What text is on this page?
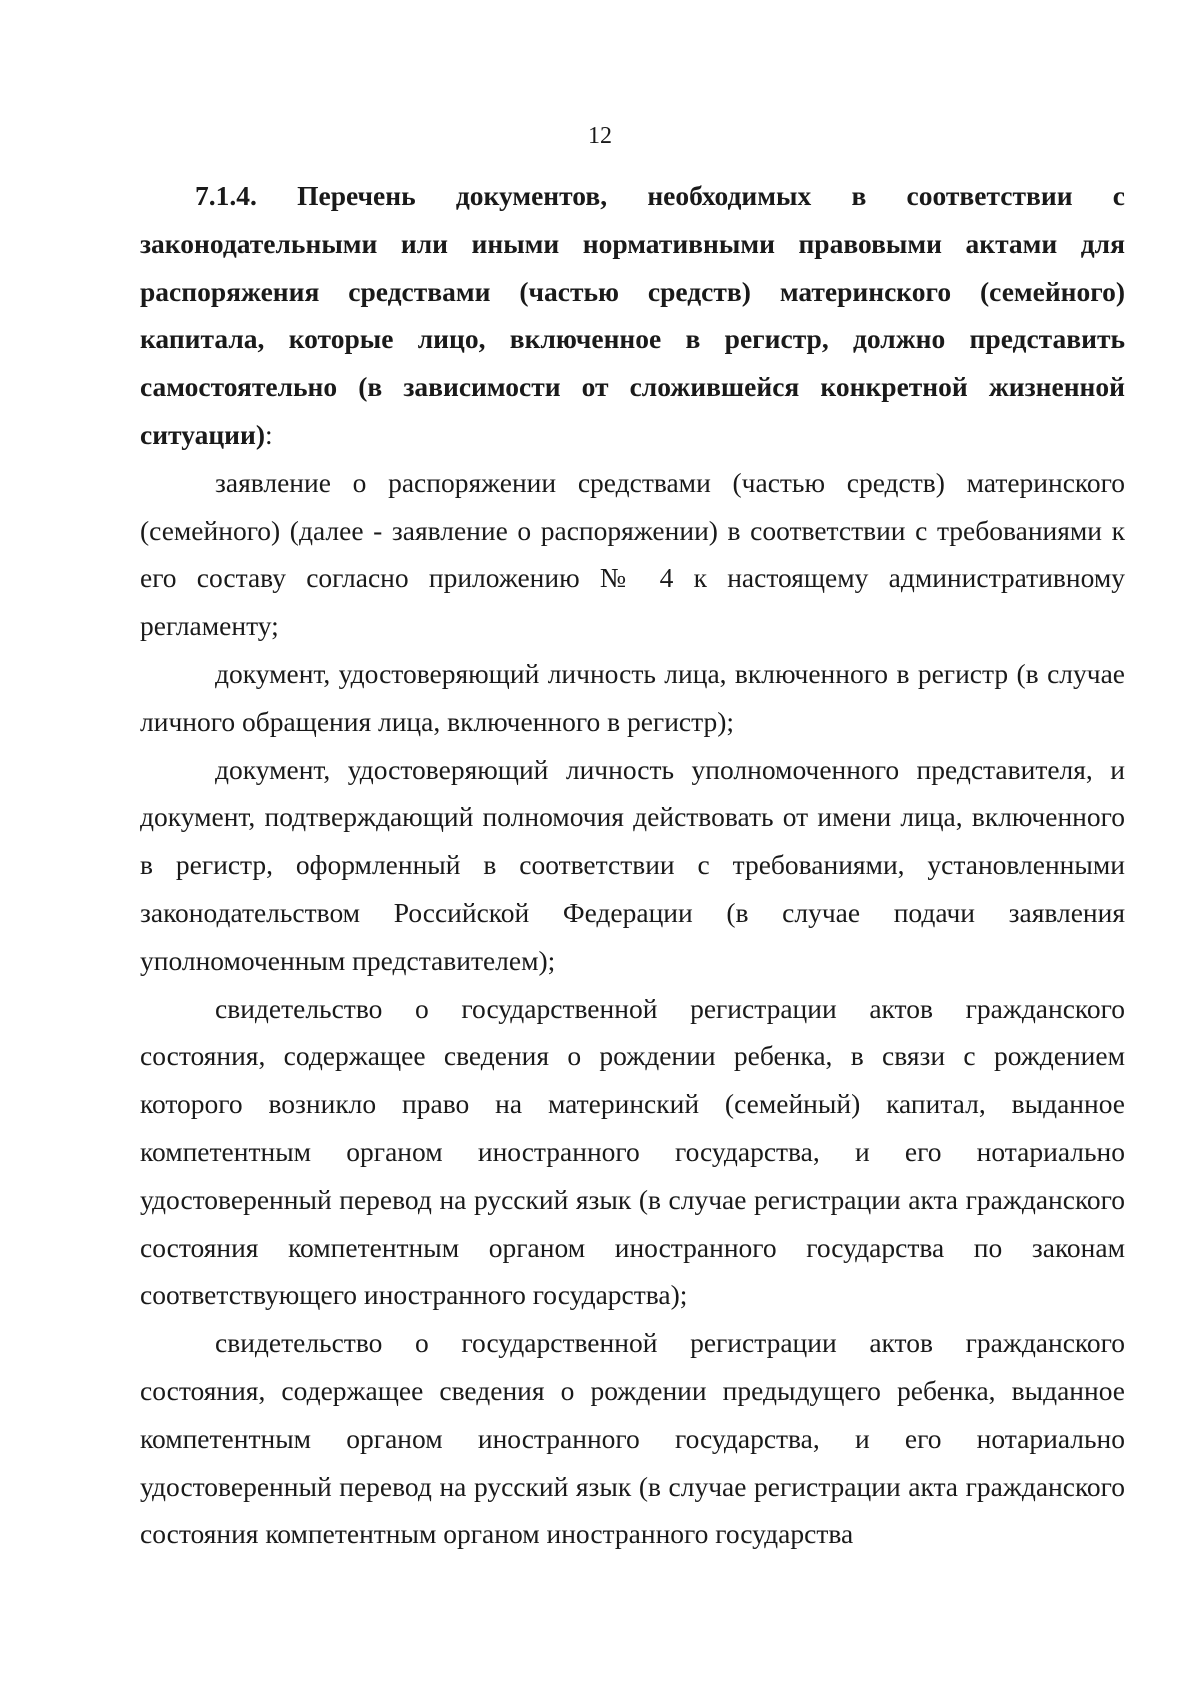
12

7.1.4. Перечень документов, необходимых в соответствии с законодательными или иными нормативными правовыми актами для распоряжения средствами (частью средств) материнского (семейного) капитала, которые лицо, включенное в регистр, должно представить самостоятельно (в зависимости от сложившейся конкретной жизненной ситуации):

заявление о распоряжении средствами (частью средств) материнского (семейного) (далее - заявление о распоряжении) в соответствии с требованиями к его составу согласно приложению № 4 к настоящему административному регламенту;

документ, удостоверяющий личность лица, включенного в регистр (в случае личного обращения лица, включенного в регистр);

документ, удостоверяющий личность уполномоченного представителя, и документ, подтверждающий полномочия действовать от имени лица, включенного в регистр, оформленный в соответствии с требованиями, установленными законодательством Российской Федерации (в случае подачи заявления уполномоченным представителем);

свидетельство о государственной регистрации актов гражданского состояния, содержащее сведения о рождении ребенка, в связи с рождением которого возникло право на материнский (семейный) капитал, выданное компетентным органом иностранного государства, и его нотариально удостоверенный перевод на русский язык (в случае регистрации акта гражданского состояния компетентным органом иностранного государства по законам соответствующего иностранного государства);

свидетельство о государственной регистрации актов гражданского состояния, содержащее сведения о рождении предыдущего ребенка, выданное компетентным органом иностранного государства, и его нотариально удостоверенный перевод на русский язык (в случае регистрации акта гражданского состояния компетентным органом иностранного государства
